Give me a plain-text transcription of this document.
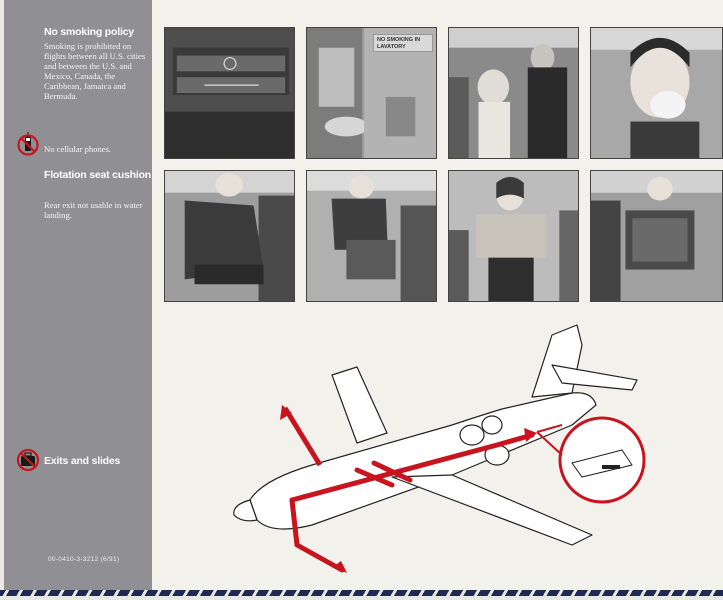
No smoking policy
Smoking is prohibited on flights between all U.S. cities and between the U.S. and Mexico, Canada, the Caribbean, Jamaica and Bermuda.
No cellular phones.
Flotation seat cushion
Rear exit not usable in water landing.
Exits and slides
00-0410-3-3212 (6/91)
NO SMOKING IN LAVATORY
